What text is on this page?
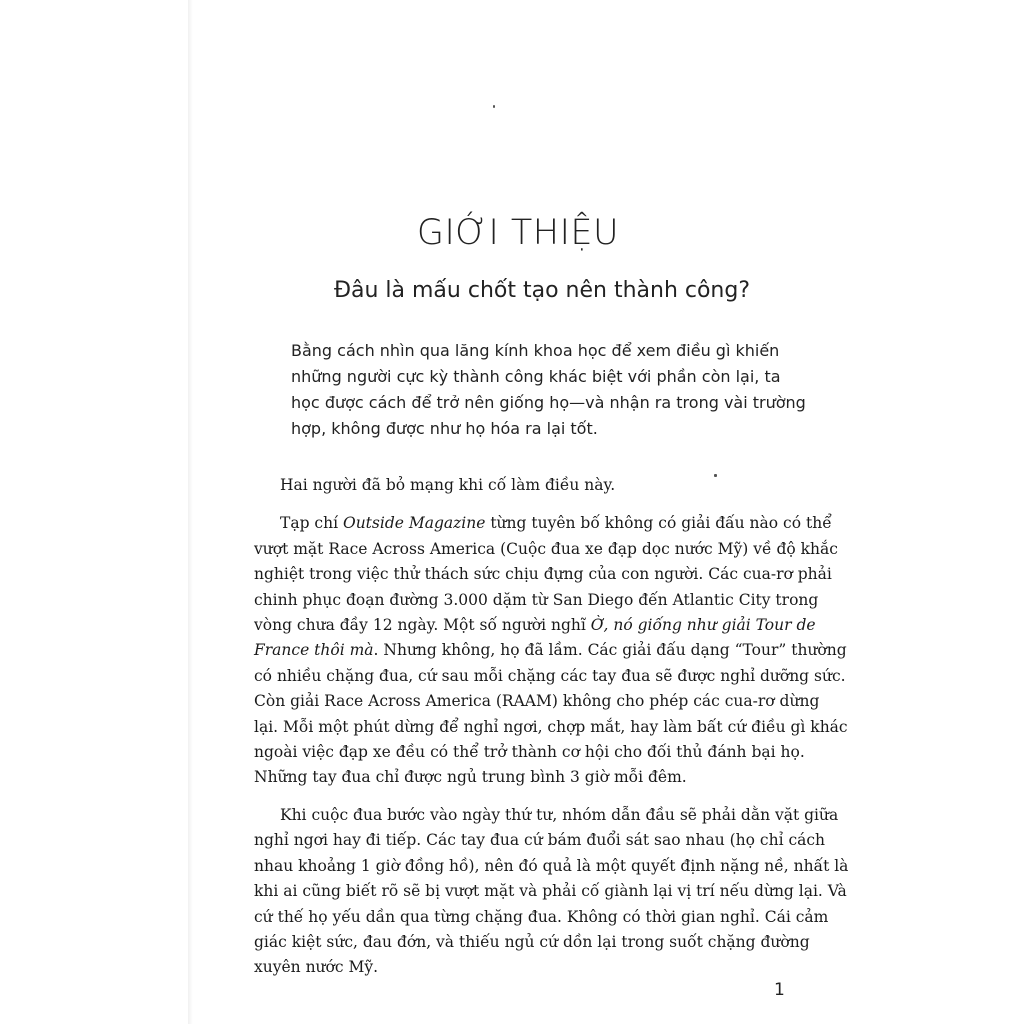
GIỚI THIỆU
Đâu là mấu chốt tạo nên thành công?
Bằng cách nhìn qua lăng kính khoa học để xem điều gì khiến
những người cực kỳ thành công khác biệt với phần còn lại, ta
học được cách để trở nên giống họ—và nhận ra trong vài trường
hợp, không được như họ hóa ra lại tốt.

Hai người đã bỏ mạng khi cố làm điều này.

Tạp chí Outside Magazine từng tuyên bố không có giải đấu nào có thể
vượt mặt Race Across America (Cuộc đua xe đạp dọc nước Mỹ) về độ khắc
nghiệt trong việc thử thách sức chịu đựng của con người. Các cua-rơ phải
chinh phục đoạn đường 3.000 dặm từ San Diego đến Atlantic City trong
vòng chưa đầy 12 ngày. Một số người nghĩ Ờ, nó giống như giải Tour de
France thôi mà. Nhưng không, họ đã lầm. Các giải đấu dạng “Tour” thường
có nhiều chặng đua, cứ sau mỗi chặng các tay đua sẽ được nghỉ dưỡng sức.
Còn giải Race Across America (RAAM) không cho phép các cua-rơ dừng
lại. Mỗi một phút dừng để nghỉ ngơi, chợp mắt, hay làm bất cứ điều gì khác
ngoài việc đạp xe đều có thể trở thành cơ hội cho đối thủ đánh bại họ.
Những tay đua chỉ được ngủ trung bình 3 giờ mỗi đêm.
Khi cuộc đua bước vào ngày thứ tư, nhóm dẫn đầu sẽ phải dằn vặt giữa
nghỉ ngơi hay đi tiếp. Các tay đua cứ bám đuổi sát sao nhau (họ chỉ cách
nhau khoảng 1 giờ đồng hồ), nên đó quả là một quyết định nặng nề, nhất là
khi ai cũng biết rõ sẽ bị vượt mặt và phải cố giành lại vị trí nếu dừng lại. Và
cứ thế họ yếu dần qua từng chặng đua. Không có thời gian nghỉ. Cái cảm
giác kiệt sức, đau đớn, và thiếu ngủ cứ dồn lại trong suốt chặng đường
xuyên nước Mỹ.
1
